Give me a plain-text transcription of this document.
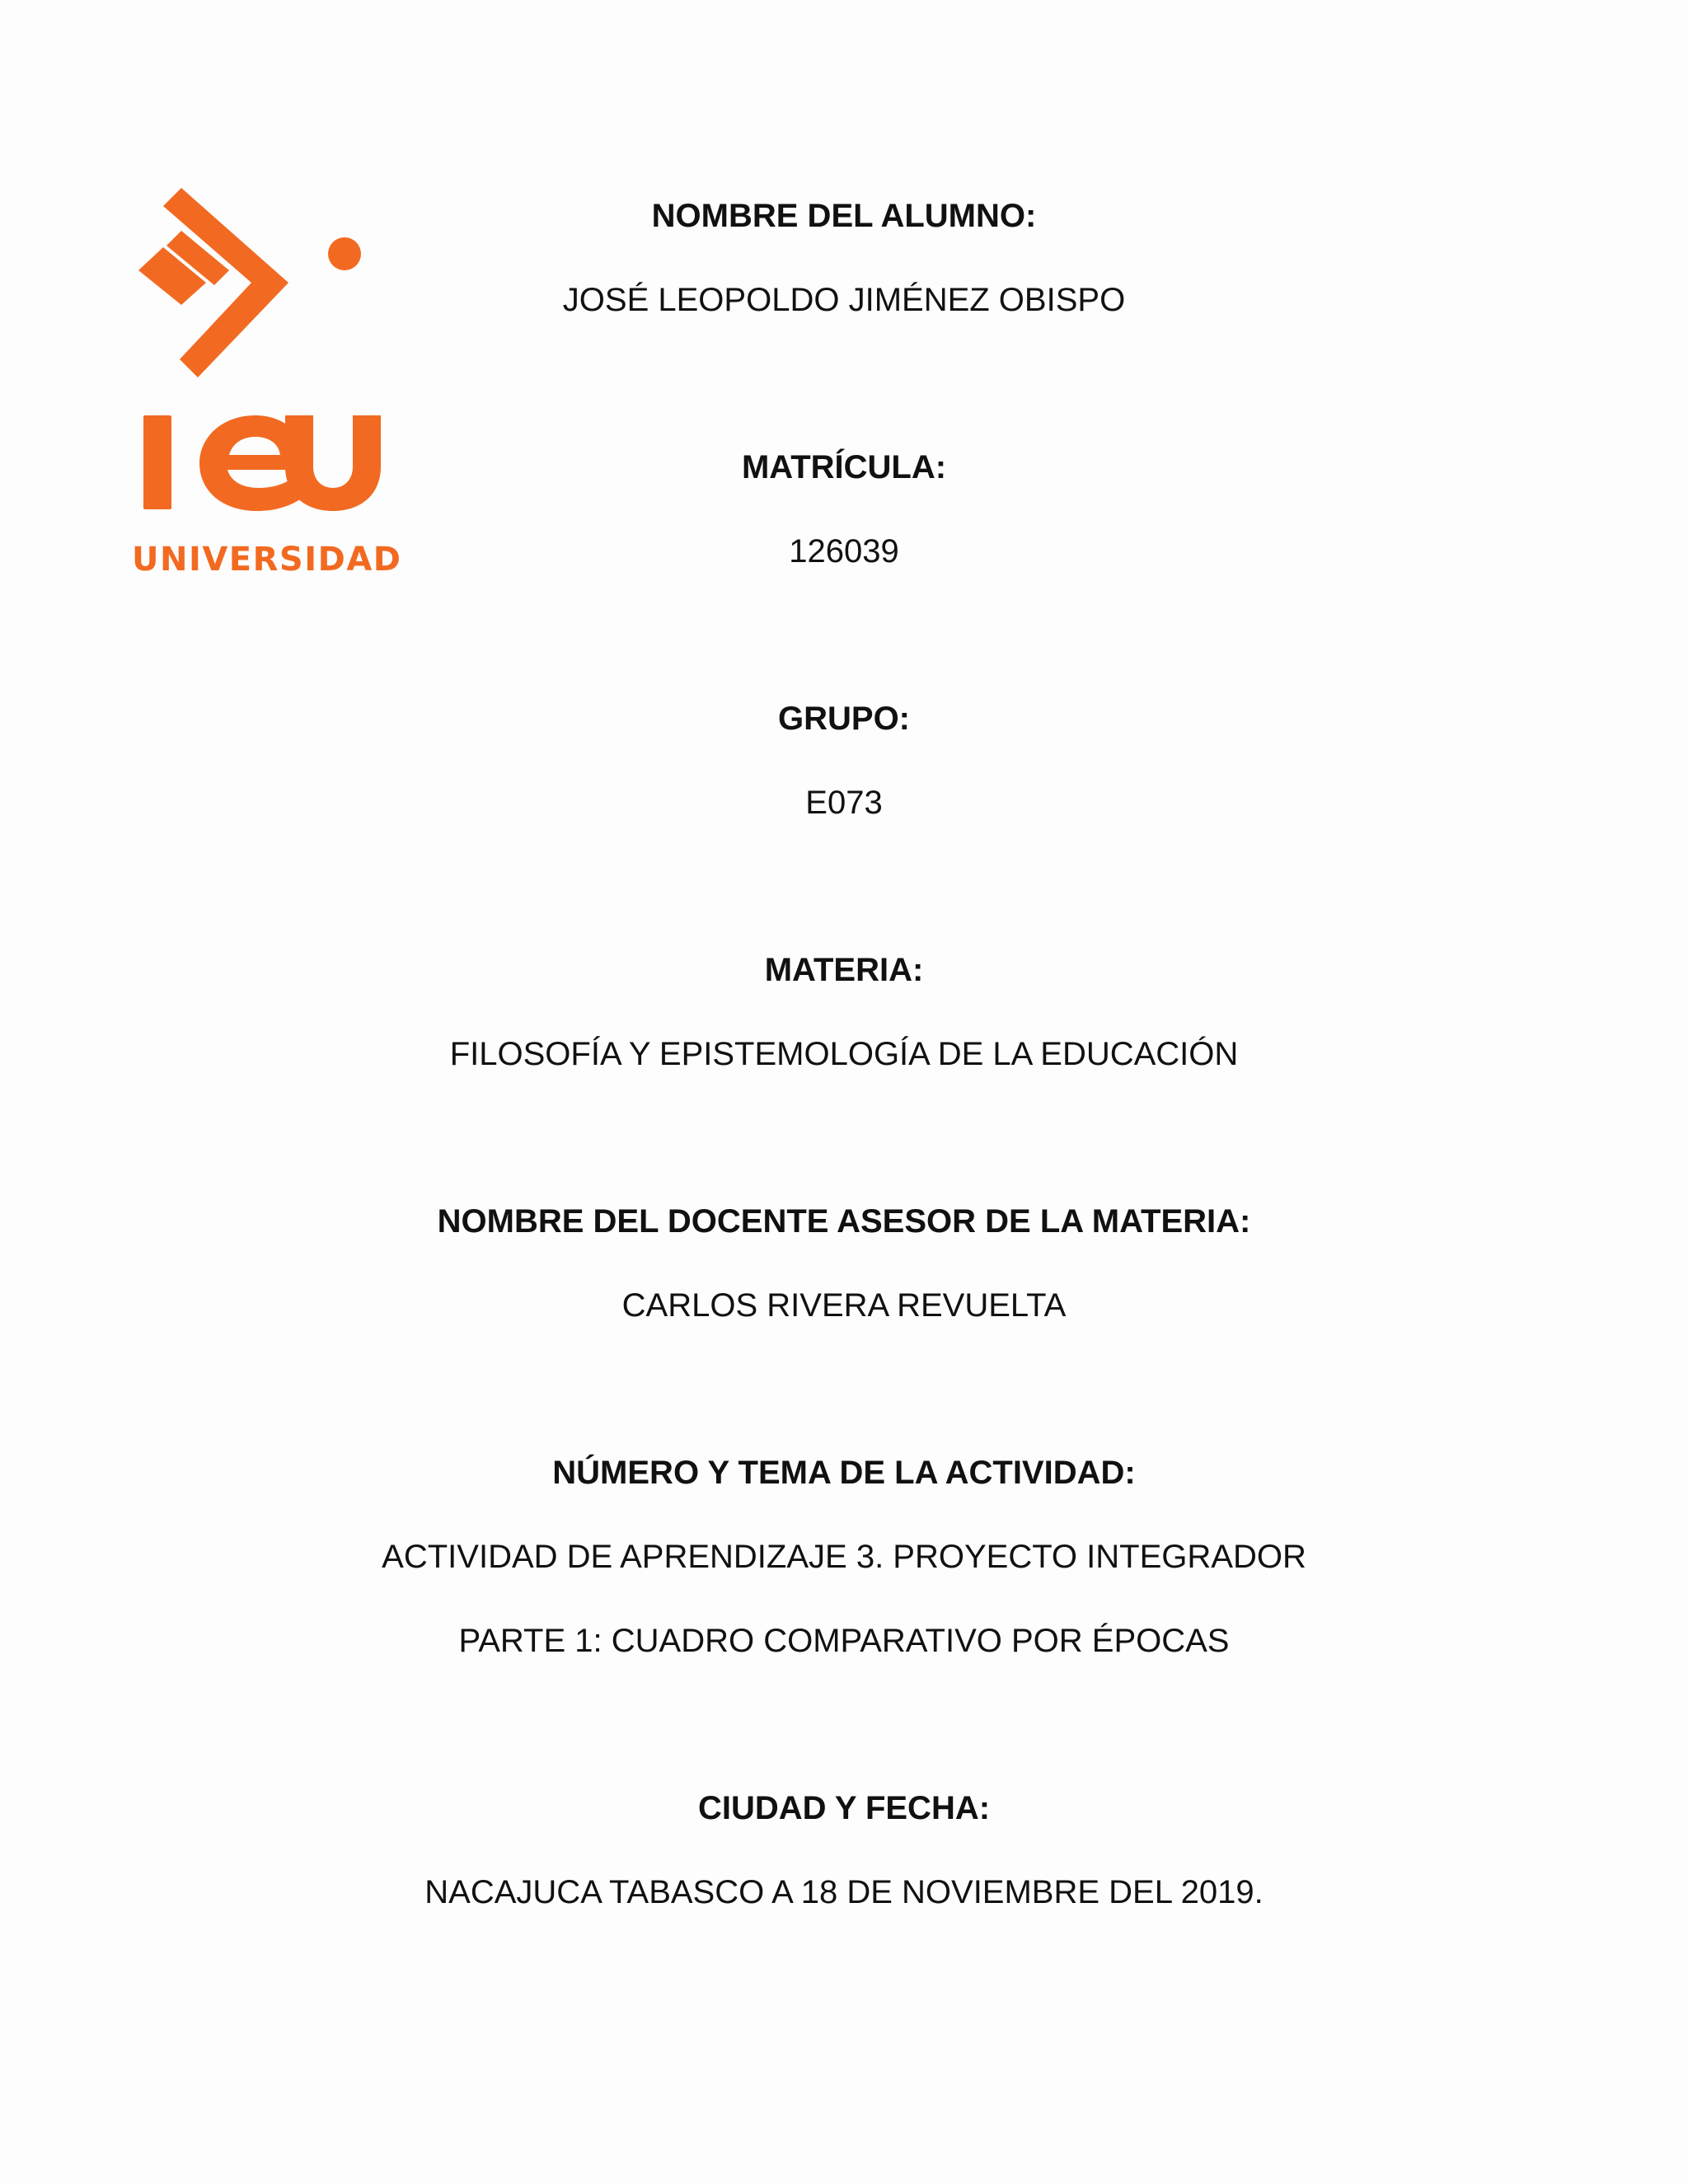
UNIVERSIDAD
NOMBRE DEL ALUMNO:
JOSÉ LEOPOLDO JIMÉNEZ OBISPO
MATRÍCULA:
126039
GRUPO:
E073
MATERIA:
FILOSOFÍA Y EPISTEMOLOGÍA DE LA EDUCACIÓN
NOMBRE DEL DOCENTE ASESOR DE LA MATERIA:
CARLOS RIVERA REVUELTA
NÚMERO Y TEMA DE LA ACTIVIDAD:
ACTIVIDAD DE APRENDIZAJE 3. PROYECTO INTEGRADOR
PARTE 1: CUADRO COMPARATIVO POR ÉPOCAS
CIUDAD Y FECHA:
NACAJUCA TABASCO A 18 DE NOVIEMBRE DEL 2019.
